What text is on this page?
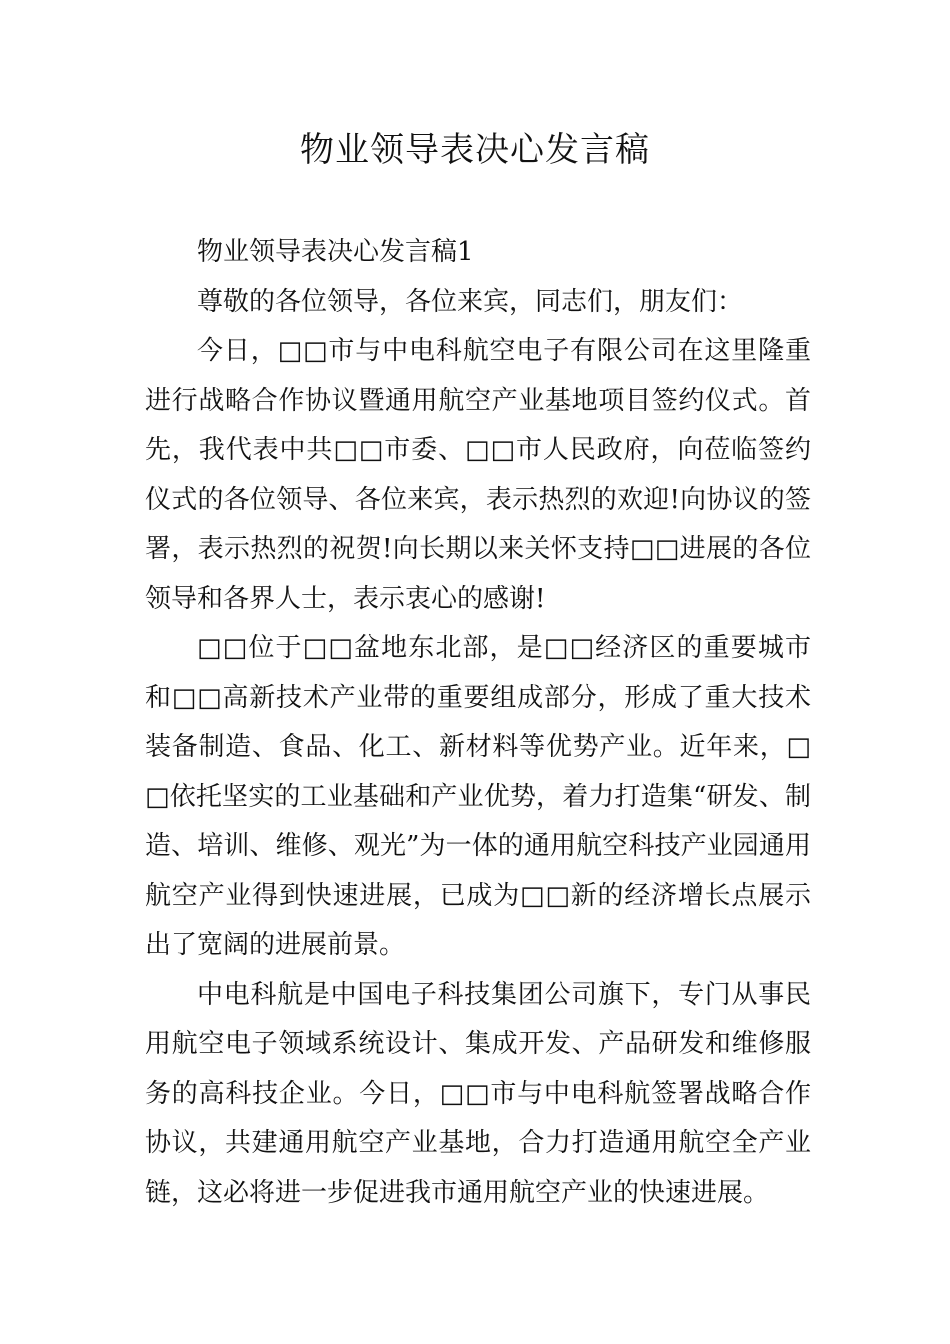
物业领导表决心发言稿

物业领导表决心发言稿1

尊敬的各位领导，各位来宾，同志们，朋友们：

今日，□□市与中电科航空电子有限公司在这里隆重进行战略合作协议暨通用航空产业基地项目签约仪式。首先，我代表中共□□市委、□□市人民政府，向莅临签约仪式的各位领导、各位来宾，表示热烈的欢迎!向协议的签署，表示热烈的祝贺!向长期以来关怀支持□□进展的各位领导和各界人士，表示衷心的感谢!

□□位于□□盆地东北部，是□□经济区的重要城市和□□高新技术产业带的重要组成部分，形成了重大技术装备制造、食品、化工、新材料等优势产业。近年来，□□依托坚实的工业基础和产业优势，着力打造集“研发、制造、培训、维修、观光”为一体的通用航空科技产业园通用航空产业得到快速进展，已成为□□新的经济增长点展示出了宽阔的进展前景。

中电科航是中国电子科技集团公司旗下，专门从事民用航空电子领域系统设计、集成开发、产品研发和维修服务的高科技企业。今日，□□市与中电科航签署战略合作协议，共建通用航空产业基地，合力打造通用航空全产业链，这必将进一步促进我市通用航空产业的快速进展。
